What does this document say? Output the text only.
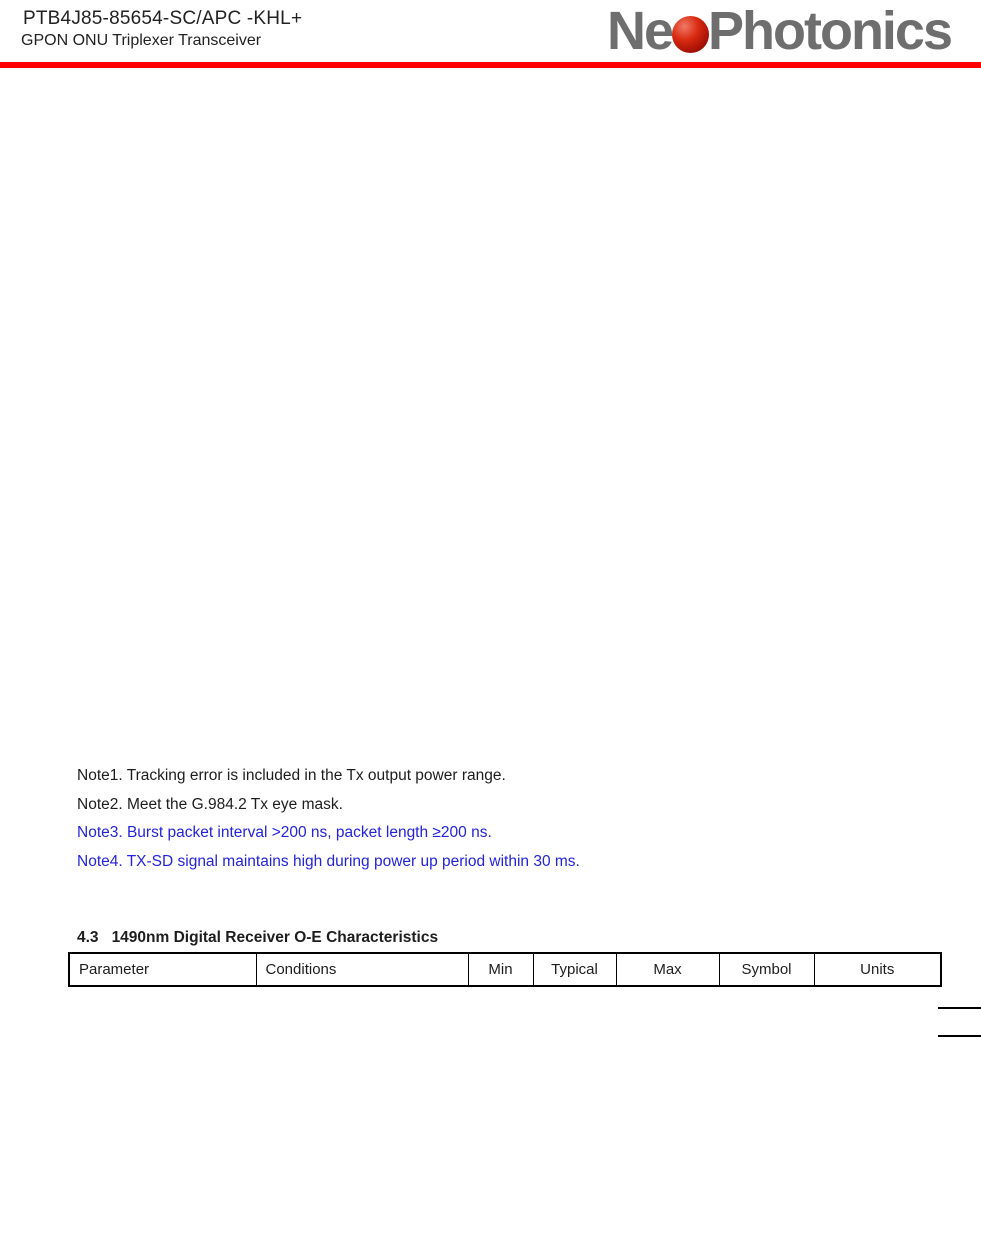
PTB4J85-85654-SC/APC -KHL+
GPON ONU Triplexer Transceiver	Ne Photonics
Note1. Tracking error is included in the Tx output power range.
Note2. Meet the G.984.2 Tx eye mask.
Note3. Burst packet interval >200 ns, packet length ≥200 ns.
Note4. TX-SD signal maintains high during power up period within 30 ms.
4.3 1490nm Digital Receiver O-E Characteristics
Parameter	Conditions	Min	Typical	Max	Symbol	Units
